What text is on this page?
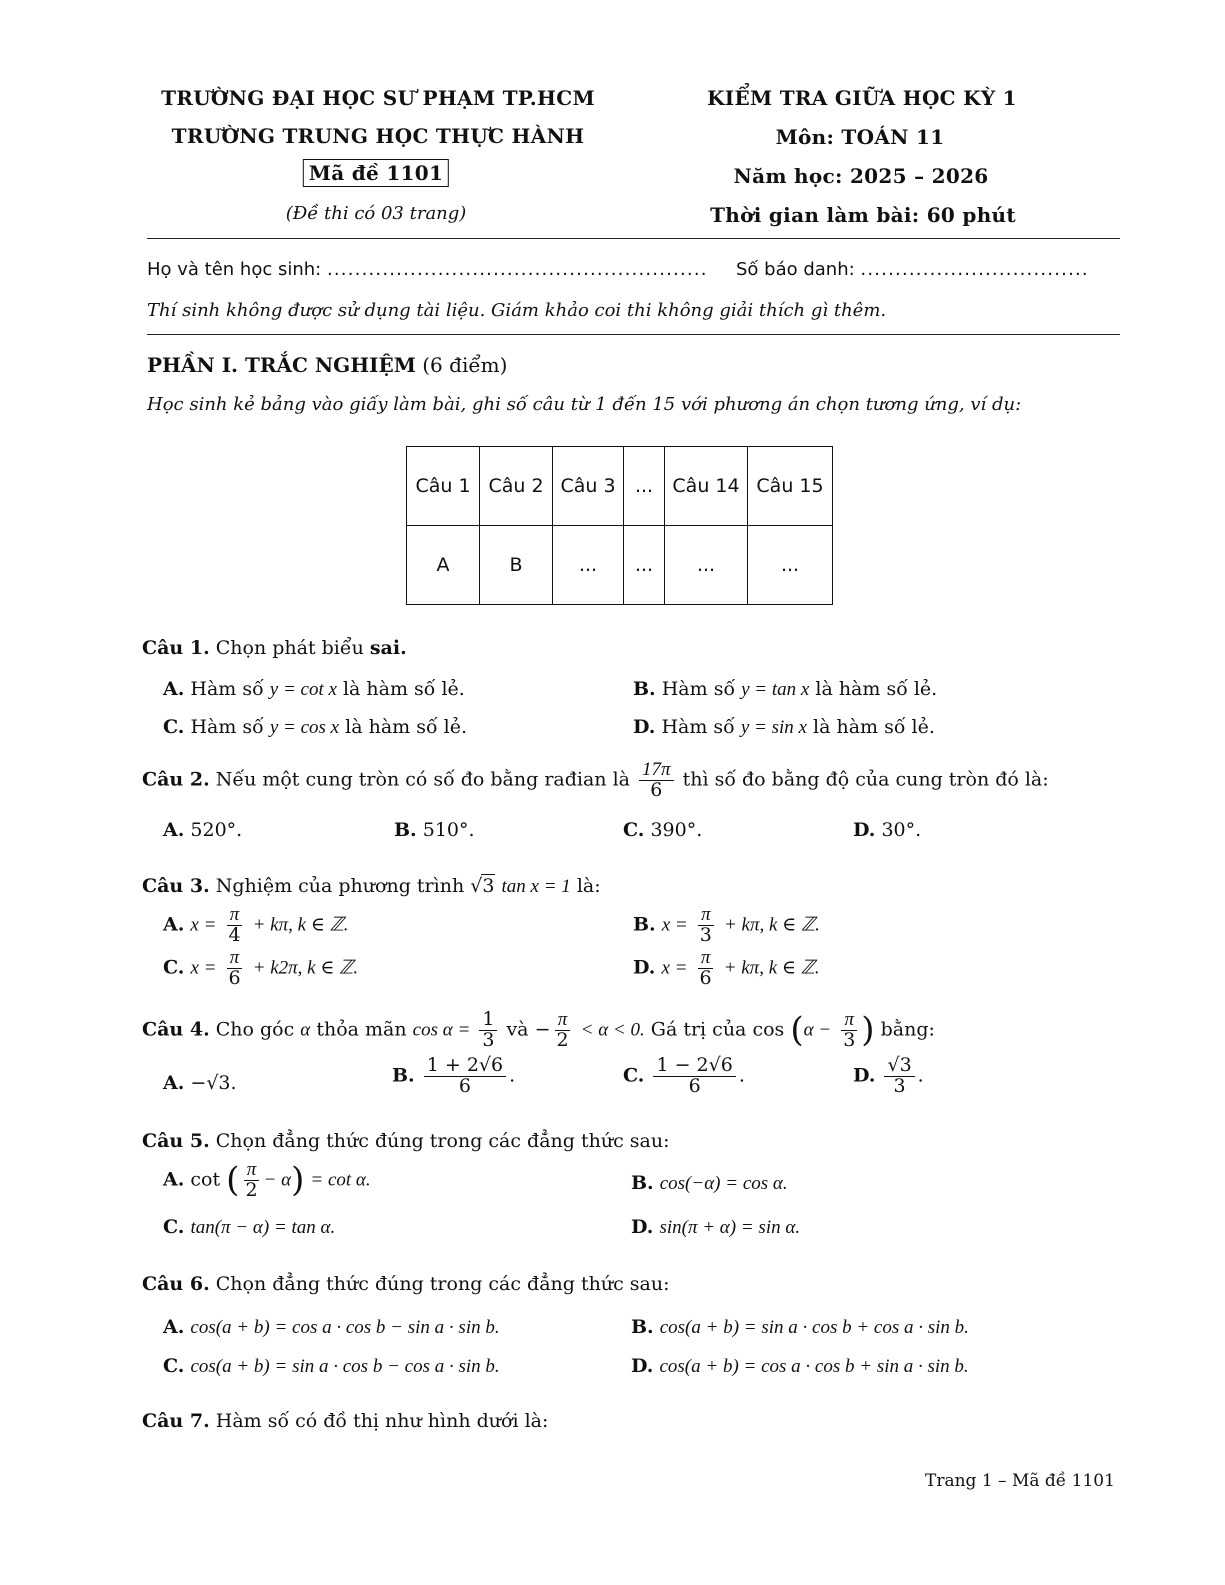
TRƯỜNG ĐẠI HỌC SƯ PHẠM TP.HCM
TRƯỜNG TRUNG HỌC THỰC HÀNH
Mã đề 1101
(Đề thi có 03 trang)
KIỂM TRA GIỮA HỌC KỲ 1
Môn: TOÁN 11
Năm học: 2025 – 2026
Thời gian làm bài: 60 phút
Họ và tên học sinh: ....................................................... Số báo danh: .................................
Thí sinh không được sử dụng tài liệu. Giám khảo coi thi không giải thích gì thêm.
PHẦN I. TRẮC NGHIỆM (6 điểm)
Học sinh kẻ bảng vào giấy làm bài, ghi số câu từ 1 đến 15 với phương án chọn tương ứng, ví dụ:
Câu 1	Câu 2	Câu 3	...	Câu 14	Câu 15
A	B	...	...	...	...
Câu 1. Chọn phát biểu sai.
A. Hàm số y = cot x là hàm số lẻ.	B. Hàm số y = tan x là hàm số lẻ.
C. Hàm số y = cos x là hàm số lẻ.	D. Hàm số y = sin x là hàm số lẻ.
Câu 2. Nếu một cung tròn có số đo bằng rađian là $\frac{17\pi}{6}$ thì số đo bằng độ của cung tròn đó là:
A. 520°.	B. 510°.	C. 390°.	D. 30°.
Câu 3. Nghiệm của phương trình √3 tan x = 1 là:
A. $x = \frac{\pi}{4} + k\pi$, k ∈ ℤ.	B. $x = \frac{\pi}{3} + k\pi$, k ∈ ℤ.
C. $x = \frac{\pi}{6} + k2\pi$, k ∈ ℤ.	D. $x = \frac{\pi}{6} + k\pi$, k ∈ ℤ.
Câu 4. Cho góc α thỏa mãn $\cos \alpha = \frac{1}{3}$ và − $\frac{\pi}{2} < \alpha < 0$. Gá trị của $\cos (\alpha - \frac{\pi}{3}$ ) bằng:
A. −√3.	B. $\frac{1 + 2√6}{6}$ .	C. $\frac{1 - 2√6}{6}$ .	D. $\frac{√3}{3}$ .
Câu 5. Chọn đẳng thức đúng trong các đẳng thức sau:
A. cot ( $\frac{\pi}{2} - \alpha) = \cot \alpha$.	B. cos(−α) = cos α.
C. tan(π − α) = tan α.	D. sin(π + α) = sin α.
Câu 6. Chọn đẳng thức đúng trong các đẳng thức sau:
A. cos(a + b) = cos a · cos b − sin a · sin b.	B. cos(a + b) = sin a · cos b + cos a · sin b.
C. cos(a + b) = sin a · cos b − cos a · sin b.	D. cos(a + b) = cos a · cos b + sin a · sin b.
Câu 7. Hàm số có đồ thị như hình dưới là:
Trang 1 – Mã đề 1101
